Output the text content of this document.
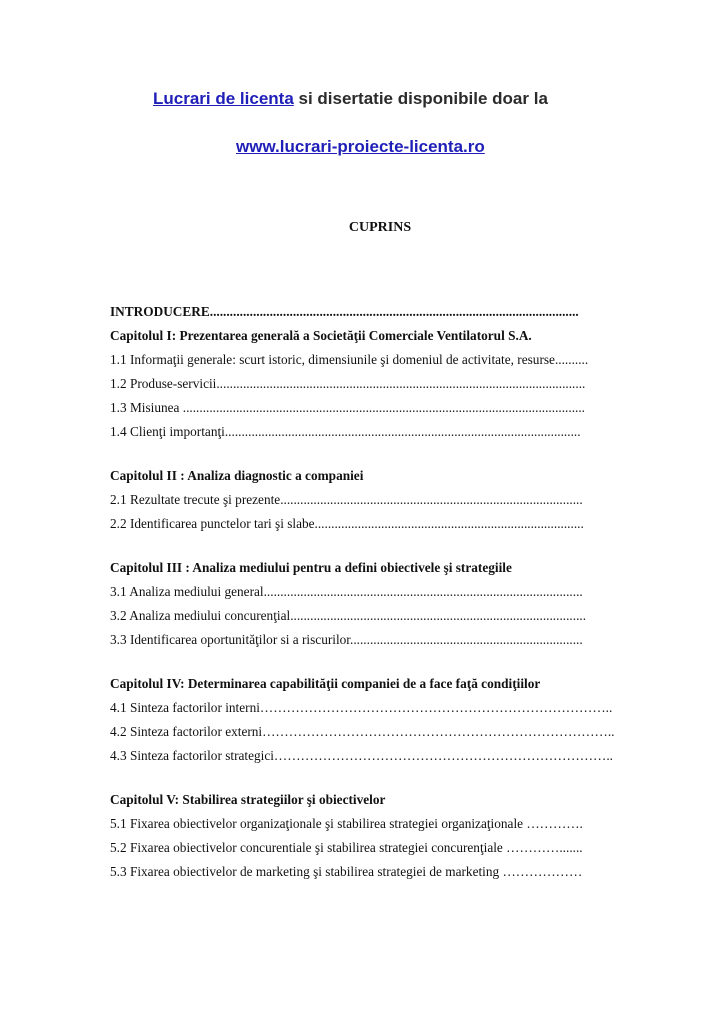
Lucrari de licenta si disertatie disponibile doar la
www.lucrari-proiecte-licenta.ro
CUPRINS
INTRODUCERE...............................................................................................................
Capitolul I: Prezentarea generală a Societăţii Comerciale Ventilatorul S.A.
1.1 Informaţii generale: scurt istoric, dimensiunile şi domeniul de activitate, resurse..........
1.2 Produse-servicii...............................................................................................................
1.3 Misiunea .........................................................................................................................
1.4 Clienţi importanţi...........................................................................................................
Capitolul II : Analiza diagnostic a companiei
2.1 Rezultate trecute şi prezente...........................................................................................
2.2 Identificarea punctelor tari şi slabe.................................................................................
Capitolul III : Analiza mediului pentru a defini obiectivele şi strategiile
3.1 Analiza mediului general................................................................................................
3.2 Analiza mediului concurenţial.........................................................................................
3.3 Identificarea oportunităţilor si a riscurilor......................................................................
Capitolul IV: Determinarea capabilităţii companiei de a face faţă condiţiilor
4.1 Sinteza factorilor interni……………………………………………………………………..
4.2 Sinteza factorilor externi……………………………………………………………………..
4.3 Sinteza factorilor strategici…………………………………………………………………..
Capitolul V: Stabilirea strategiilor şi obiectivelor
5.1 Fixarea obiectivelor organizaţionale şi stabilirea strategiei organizaţionale ………….
5.2 Fixarea obiectivelor concurentiale şi stabilirea strategiei concurenţiale ………….......
5.3 Fixarea obiectivelor de marketing şi stabilirea strategiei de marketing ………………
